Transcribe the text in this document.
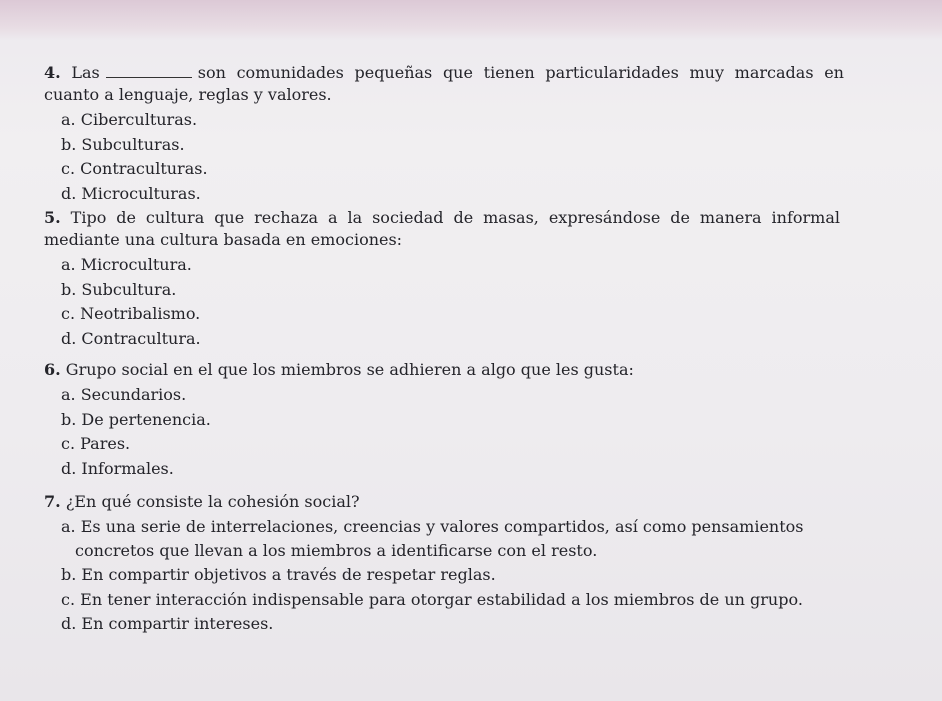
4. Las	son comunidades pequeñas que tienen particularidades muy marcadas en cuanto a lenguaje, reglas y valores.

a. Ciberculturas.

b. Subculturas.

c. Contraculturas.

d. Microculturas.

5. Tipo de cultura que rechaza a la sociedad de masas, expresándose de manera informal mediante una cultura basada en emociones:

a. Microcultura.

b. Subcultura.

c. Neotribalismo.

d. Contracultura.

6. Grupo social en el que los miembros se adhieren a algo que les gusta:

a. Secundarios.

b. De pertenencia.

c. Pares.

d. Informales.

7. ¿En qué consiste la cohesión social?

a. Es una serie de interrelaciones, creencias y valores compartidos, así como pensamientos
concretos que llevan a los miembros a identificarse con el resto.

b. En compartir objetivos a través de respetar reglas.

c. En tener interacción indispensable para otorgar estabilidad a los miembros de un grupo.

d. En compartir intereses.
